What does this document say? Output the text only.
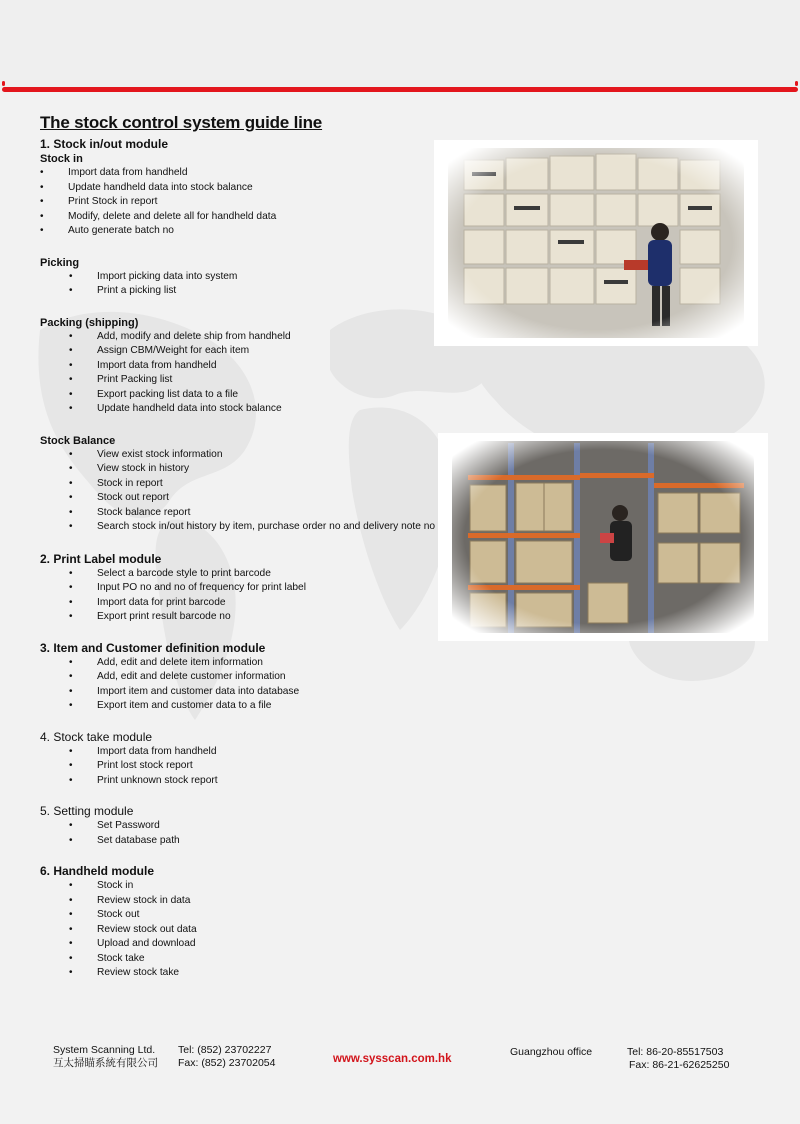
The stock control system guide line
1. Stock in/out module
Stock in
• Import data from handheld
• Update handheld data into stock balance
• Print Stock in report
• Modify, delete and delete all for handheld data
• Auto generate batch no
Picking
• Import picking data into system
• Print a picking list
Packing (shipping)
• Add, modify and delete ship from handheld
• Assign CBM/Weight for each item
• Import data from handheld
• Print Packing list
• Export packing list data to a file
• Update handheld data into stock balance
Stock Balance
• View exist stock information
• View stock in history
• Stock in report
• Stock out report
• Stock balance report
• Search stock in/out history by item, purchase order no and delivery note no
2. Print Label module
• Select a barcode style to print barcode
• Input PO no and no of frequency for print label
• Import data for print barcode
• Export print result barcode no
3. Item and Customer definition module
• Add, edit and delete item information
• Add, edit and delete customer information
• Import item and customer data into database
• Export item and customer data to a file
4. Stock take module
• Import data from handheld
• Print lost stock report
• Print unknown stock report
5. Setting module
• Set Password
• Set database path
6. Handheld module
• Stock in
• Review stock in data
• Stock out
• Review stock out data
• Upload and download
• Stock take
• Review stock take
System Scanning Ltd.
互太掃瞄系統有限公司
Tel: (852) 23702227
Fax: (852) 23702054	www.sysscan.com.hk
Guangzhou office	Tel: 86-20-85517503
Fax: 86-21-62625250
